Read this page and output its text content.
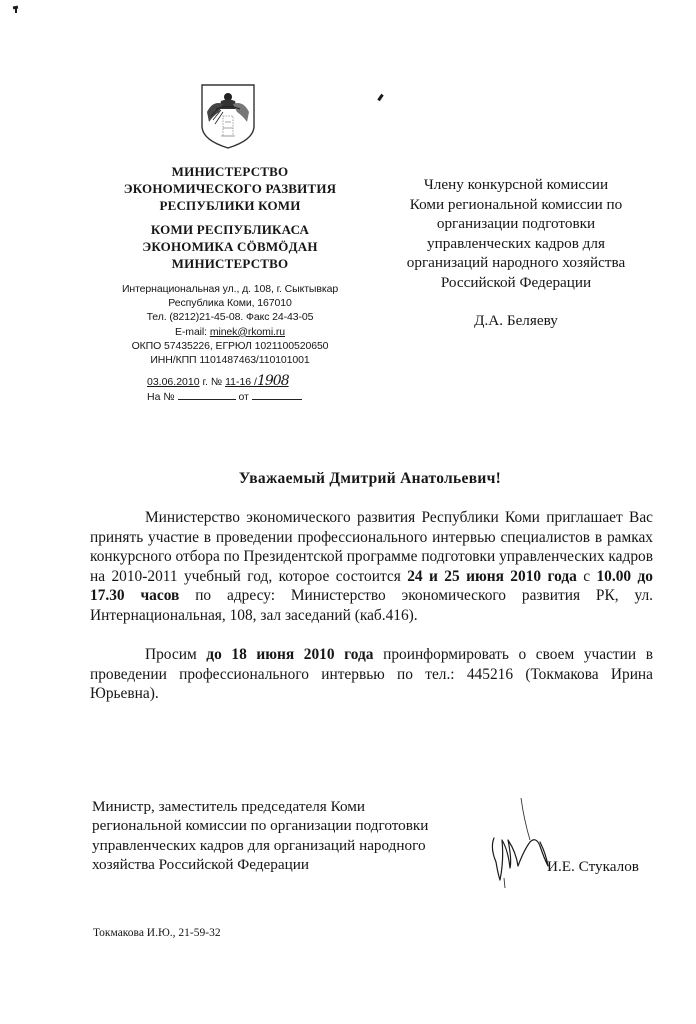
МИНИСТЕРСТВО
ЭКОНОМИЧЕСКОГО РАЗВИТИЯ
РЕСПУБЛИКИ КОМИ
КОМИ РЕСПУБЛИКАСА
ЭКОНОМИКА СÖВМÖДАН
МИНИСТЕРСТВО
Интернациональная ул., д. 108, г. Сыктывкар
Республика Коми, 167010
Тел. (8212)21-45-08. Факс 24-43-05
E-mail: minek@rkomi.ru
ОКПО 57435226, ЕГРЮЛ 1021100520650
ИНН/КПП 1101487463/110101001
03.06.2010 г. № 11-16 /1908
На №	от
Члену конкурсной комиссии
Коми региональной комиссии по
организации подготовки
управленческих кадров для
организаций народного хозяйства
Российской Федерации
Д.А. Беляеву
Уважаемый Дмитрий Анатольевич!
Министерство экономического развития Республики Коми приглашает Вас принять участие в проведении профессионального интервью специалистов в рамках конкурсного отбора по Президентской программе подготовки управленческих кадров на 2010-2011 учебный год, которое состоится 24 и 25 июня 2010 года с 10.00 до 17.30 часов по адресу: Министерство экономического развития РК, ул. Интернациональная, 108, зал заседаний (каб.416).
Просим до 18 июня 2010 года проинформировать о своем участии в проведении профессионального интервью по тел.: 445216 (Токмакова Ирина Юрьевна).
Министр, заместитель председателя Коми
региональной комиссии по организации подготовки
управленческих кадров для организаций народного
хозяйства Российской Федерации	И.Е. Стукалов
Токмакова И.Ю., 21-59-32
